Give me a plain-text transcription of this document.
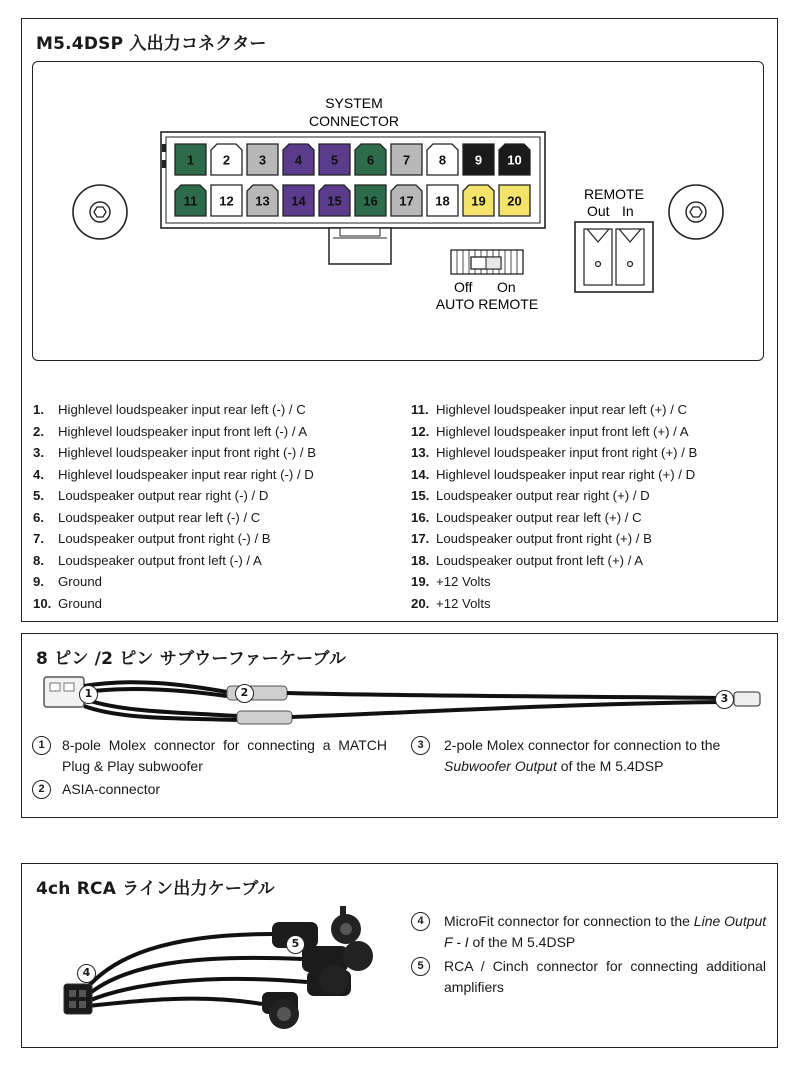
M5.4DSP 入出力コネクター
SYSTEM
CONNECTOR
1 2 3 4 5 6 7 8 9 10
11 12 13 14 15 16 17 18 19 20
Off On
AUTO REMOTE
REMOTE
Out In
1. Highlevel loudspeaker input rear left (-) / C
2. Highlevel loudspeaker input front left (-) / A
3. Highlevel loudspeaker input front right (-) / B
4. Highlevel loudspeaker input rear right (-) / D
5. Loudspeaker output rear right (-) / D
6. Loudspeaker output rear left (-) / C
7. Loudspeaker output front right (-) / B
8. Loudspeaker output front left (-) / A
9. Ground
10. Ground
11. Highlevel loudspeaker input rear left (+) / C
12. Highlevel loudspeaker input front left (+) / A
13. Highlevel loudspeaker input front right (+) / B
14. Highlevel loudspeaker input rear right (+) / D
15. Loudspeaker output rear right (+) / D
16. Loudspeaker output rear left (+) / C
17. Loudspeaker output front right (+) / B
18. Loudspeaker output front left (+) / A
19. +12 Volts
20. +12 Volts
8 ピン /2 ピン サブウーファーケーブル
1	2	3
1	8-pole Molex connector for connecting a MATCH Plug & Play subwoofer
2	ASIA-connector
3	2-pole Molex connector for connection to the
Subwoofer Output of the M 5.4DSP
4ch RCA ライン出力ケーブル
4
5
4	MicroFit connector for connection to the Line Output F - I of the M 5.4DSP
5	RCA / Cinch connector for connecting additional amplifiers
